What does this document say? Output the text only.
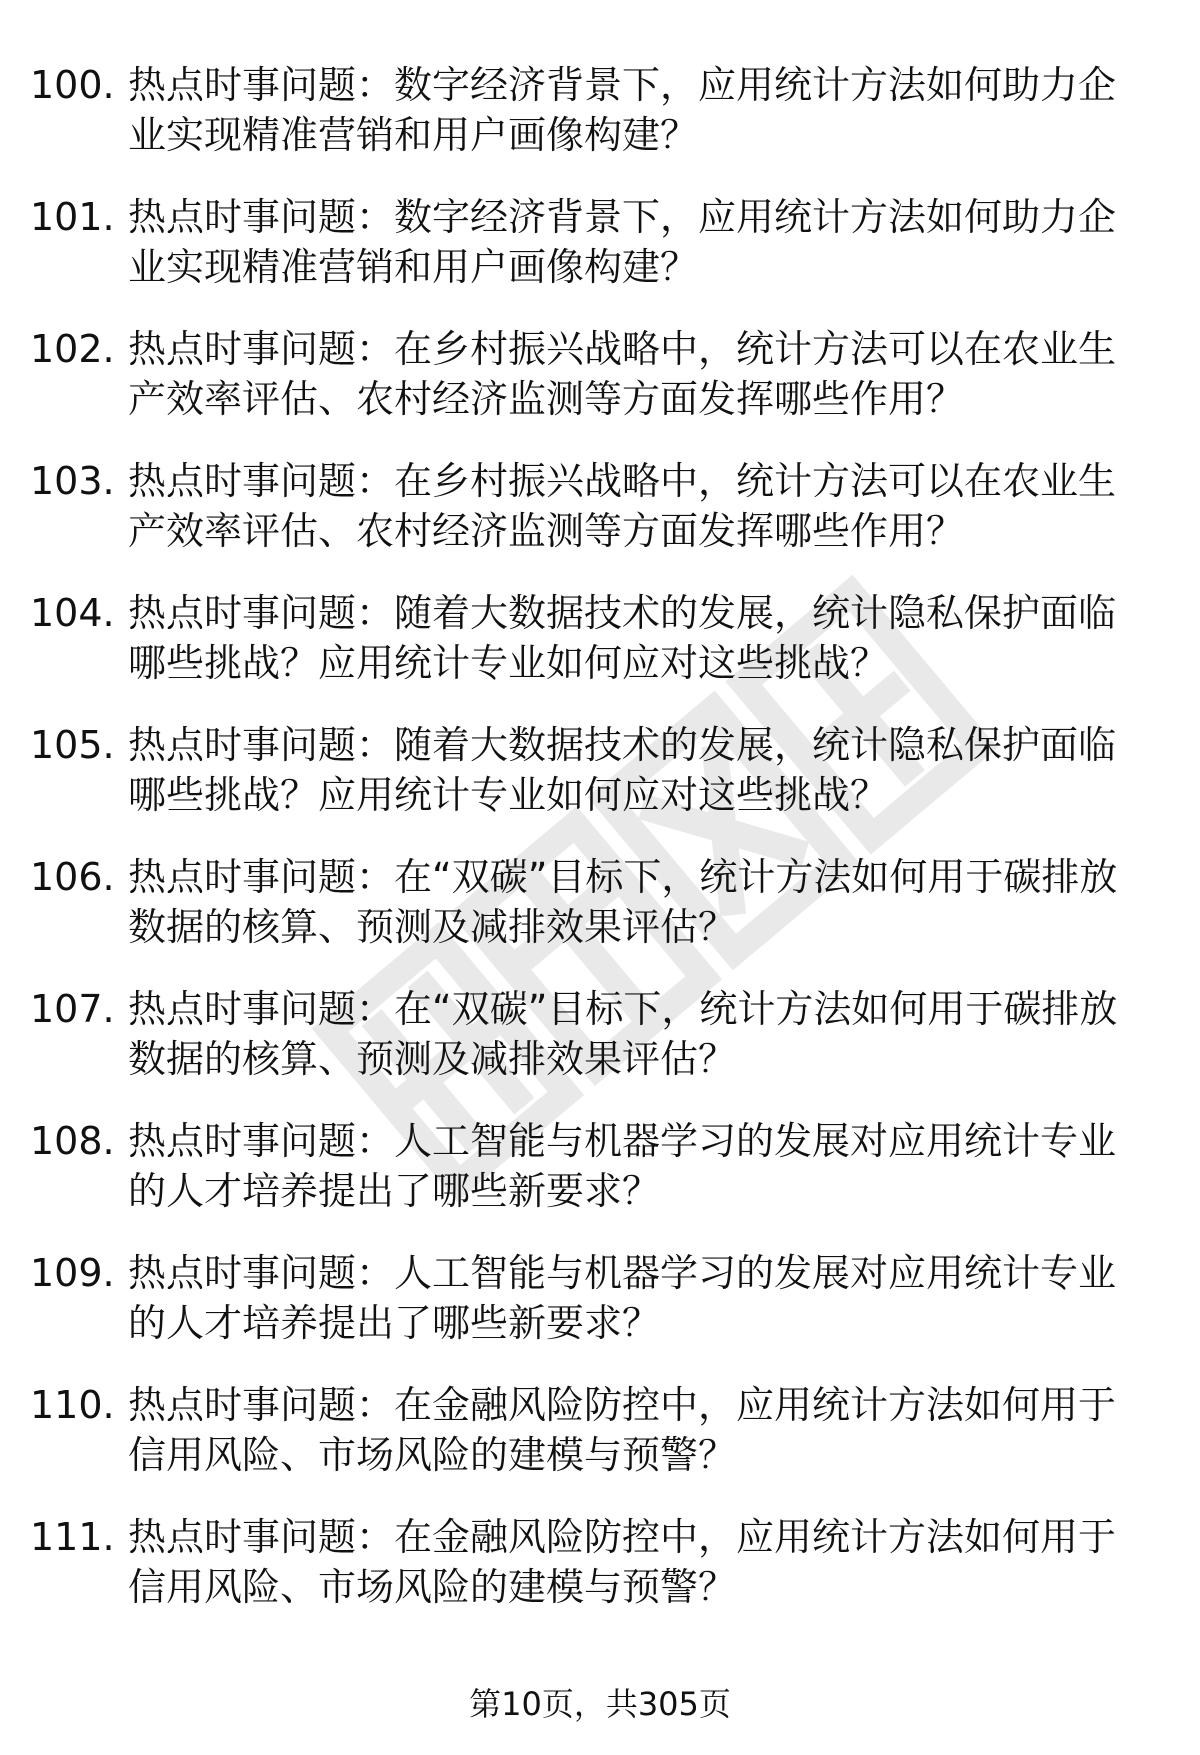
100. 热点时事问题：数字经济背景下，应用统计方法如何助力企业实现精准营销和用户画像构建？
101. 热点时事问题：数字经济背景下，应用统计方法如何助力企业实现精准营销和用户画像构建？
102. 热点时事问题：在乡村振兴战略中，统计方法可以在农业生产效率评估、农村经济监测等方面发挥哪些作用？
103. 热点时事问题：在乡村振兴战略中，统计方法可以在农业生产效率评估、农村经济监测等方面发挥哪些作用？
104. 热点时事问题：随着大数据技术的发展，统计隐私保护面临哪些挑战？应用统计专业如何应对这些挑战？
105. 热点时事问题：随着大数据技术的发展，统计隐私保护面临哪些挑战？应用统计专业如何应对这些挑战？
106. 热点时事问题：在“双碳”目标下，统计方法如何用于碳排放数据的核算、预测及减排效果评估？
107. 热点时事问题：在“双碳”目标下，统计方法如何用于碳排放数据的核算、预测及减排效果评估？
108. 热点时事问题：人工智能与机器学习的发展对应用统计专业的人才培养提出了哪些新要求？
109. 热点时事问题：人工智能与机器学习的发展对应用统计专业的人才培养提出了哪些新要求？
110. 热点时事问题：在金融风险防控中，应用统计方法如何用于信用风险、市场风险的建模与预警？
111. 热点时事问题：在金融风险防控中，应用统计方法如何用于信用风险、市场风险的建模与预警？
第10页，共305页
